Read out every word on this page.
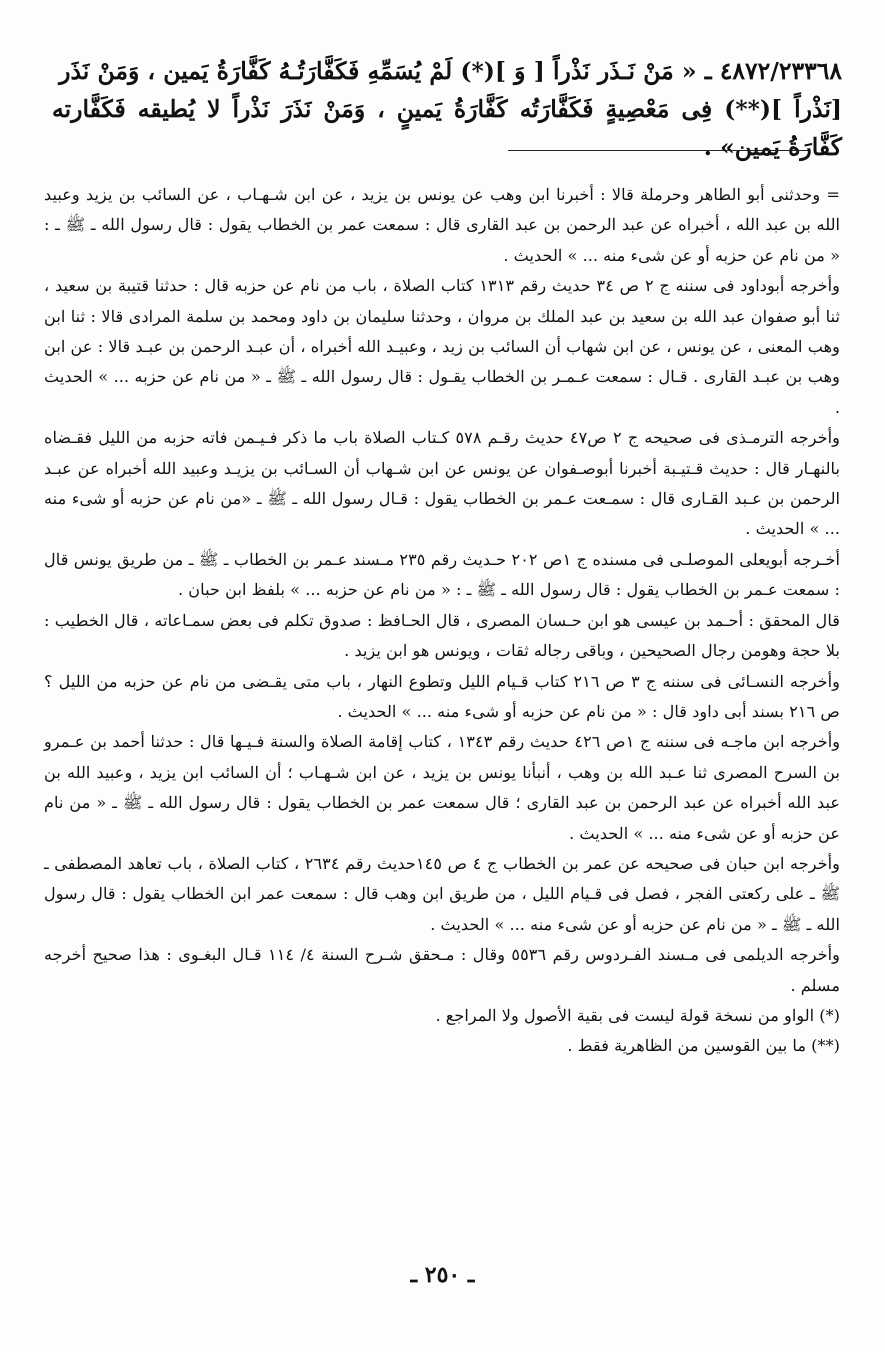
٤٨٧٢/٢٣٣٦٨ ـ « مَنْ نَـذَر نَذْراً [ وَ ](*) لَمْ يُسَمِّهِ فَكَفَّارَتُـهُ كَفَّارَةُ يَمين ، وَمَنْ نَذَر

[نَذْراً ](**) فِى مَعْصِيةٍ فَكَفَّارَتُه كَفَّارَةُ يَمينٍ ، وَمَنْ نَذَرَ نَذْراً لا يُطيقه فَكَفَّارته كَفَّارَةُ يَمين» .

= وحدثنى أبو الطاهر وحرملة قالا : أخبرنا ابن وهب عن يونس بن يزيد ، عن ابن شـهـاب ، عن السائب بن يزيد وعبيد الله بن عبد الله ، أخبراه عن عبد الرحمن بن عبد القارى قال : سمعت عمر بن الخطاب يقول : قال رسول الله ـ ﷺ ـ : « من نام عن حزبه أو عن شىء منه ... » الحديث .

وأخرجه أبوداود فى سننه ج ٢ ص ٣٤ حديث رقم ١٣١٣ كتاب الصلاة ، باب من نام عن حزبه قال : حدثنا قتيبة بن سعيد ، ثنا أبو صفوان عبد الله بن سعيد بن عبد الملك بن مروان ، وحدثنا سليمان بن داود ومحمد بن سلمة المرادى قالا : ثنا ابن وهب المعنى ، عن يونس ، عن ابن شهاب أن السائب بن زيد ، وعبيـد الله أخبراه ، أن عبـد الرحمن بن عبـد قالا : عن ابن وهب بن عبـد القارى . قـال : سمعت عـمـر بن الخطاب يقـول : قال رسول الله ـ ﷺ ـ « من نام عن حزبه ... » الحديث .

وأخرجه الترمـذى فى صحيحه ج ٢ ص٤٧ حديث رقـم ٥٧٨ كـتاب الصلاة باب ما ذكر فـيـمن فاته حزبه من الليل فقـضاه بالنهـار قال : حديث قـتيـبة أخبرنا أبوصـفوان عن يونس عن ابن شـهاب أن السـائب بن يزيـد وعبيد الله أخبراه عن عبـد الرحمن بن عـبد القـارى قال : سمـعت عـمر بن الخطاب يقول : قـال رسول الله ـ ﷺ ـ «من نام عن حزبه أو شىء منه ... » الحديث .

أخـرجه أبويعلى الموصلـى فى مسنده ج ١ص ٢٠٢ حـديث رقم ٢٣٥ مـسند عـمر بن الخطاب ـ ﷺ ـ من طريق يونس قال : سمعت عـمر بن الخطاب يقول : قال رسول الله ـ ﷺ ـ : « من نام عن حزبه ... » بلفظ ابن حبان .

قال المحقق : أحـمد بن عيسى هو ابن حـسان المصرى ، قال الحـافظ : صدوق تكلم فى بعض سمـاعاته ، قال الخطيب : بلا حجة وهومن رجال الصحيحين ، وباقى رجاله ثقات ، ويونس هو ابن يزيد .

وأخرجه النسـائى فى سننه ج ٣ ص ٢١٦ كتاب قـيام الليل وتطوع النهار ، باب متى يقـضى من نام عن حزبه من الليل ؟ ص ٢١٦ بسند أبى داود قال : « من نام عن حزبه أو شىء منه ... » الحديث .

وأخرجه ابن ماجـه فى سننه ج ١ص ٤٢٦ حديث رقم ١٣٤٣ ، كتاب إقامة الصلاة والسنة فـيـها قال : حدثنا أحمد بن عـمرو بن السرح المصرى ثنا عـبد الله بن وهب ، أنبأنا يونس بن يزيد ، عن ابن شـهـاب ؛ أن السائب ابن يزيد ، وعبيد الله بن عبد الله أخبراه عن عبد الرحمن بن عبد القارى ؛ قال سمعت عمر بن الخطاب يقول : قال رسول الله ـ ﷺ ـ « من نام عن حزبه أو عن شىء منه ... » الحديث .

وأخرجه ابن حبان فى صحيحه عن عمر بن الخطاب ج ٤ ص ١٤٥حديث رقم ٢٦٣٤ ، كتاب الصلاة ، باب تعاهد المصطفى ـ ﷺ ـ على ركعتى الفجر ، فصل فى قـيام الليل ، من طريق ابن وهب قال : سمعت عمر ابن الخطاب يقول : قال رسول الله ـ ﷺ ـ « من نام عن حزبه أو عن شىء منه ... » الحديث .

وأخرجه الديلمى فى مـسند الفـردوس رقم ٥٥٣٦ وقال : مـحقق شـرح السنة ٤/ ١١٤ قـال البغـوى : هذا صحيح أخرجه مسلم .

(*) الواو من نسخة قولة ليست فى بقية الأصول ولا المراجع .

(**) ما بين القوسين من الظاهرية فقط .

ـ ٢٥٠ ـ
